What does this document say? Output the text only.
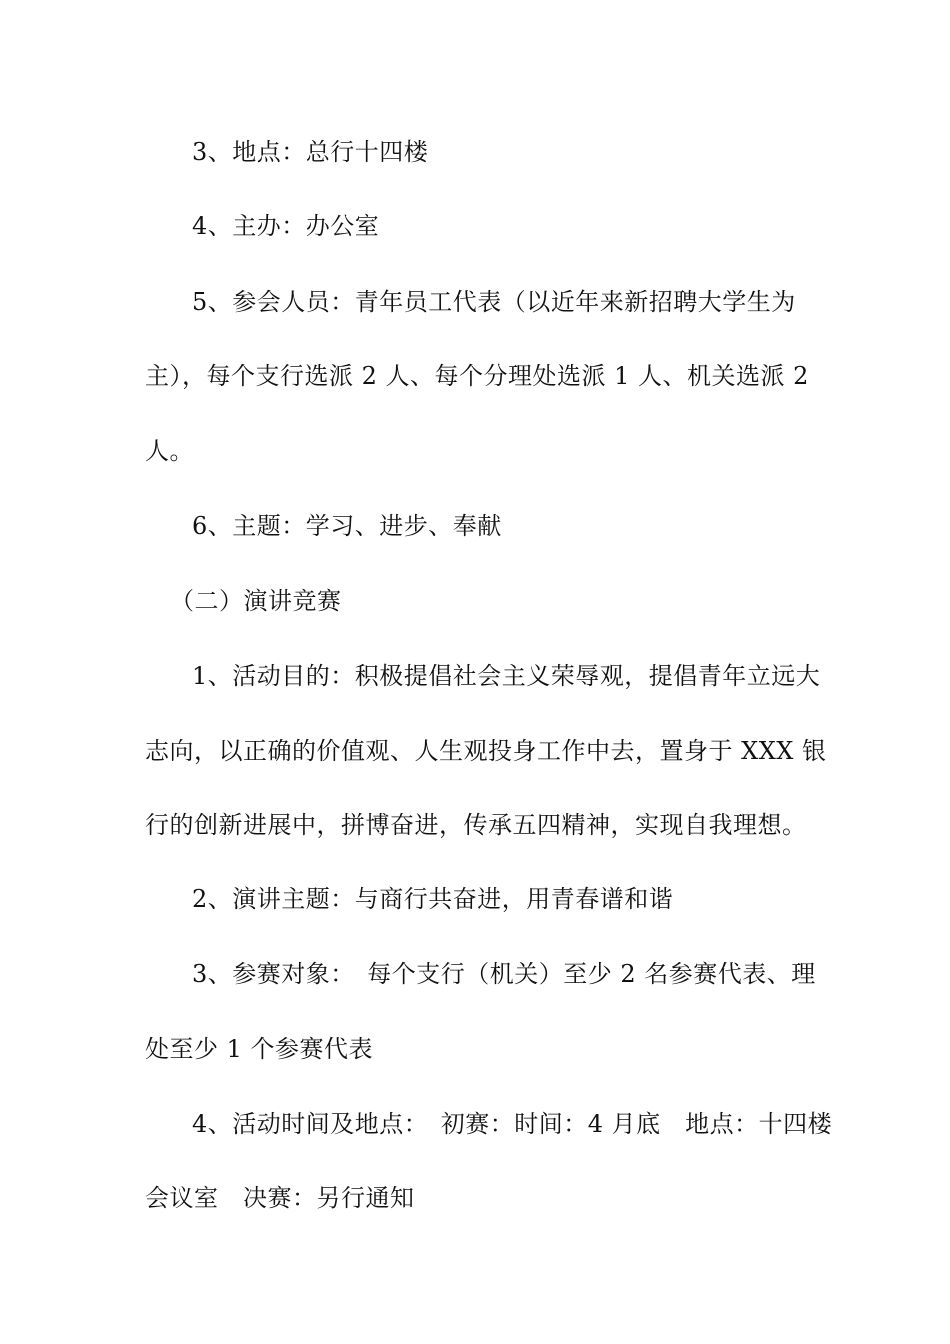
3、地点：总行十四楼
4、主办：办公室
5、参会人员：青年员工代表（以近年来新招聘大学生为
主），每个支行选派 2 人、每个分理处选派 1 人、机关选派 2
人。
6、主题：学习、进步、奉献
（二）演讲竞赛
1、活动目的：积极提倡社会主义荣辱观，提倡青年立远大
志向，以正确的价值观、人生观投身工作中去，置身于 XXX 银
行的创新进展中，拼博奋进，传承五四精神，实现自我理想。
2、演讲主题：与商行共奋进，用青春谱和谐
3、参赛对象：　每个支行（机关）至少 2 名参赛代表、理
处至少 1 个参赛代表
4、活动时间及地点：　初赛：时间：4 月底　地点：十四楼
会议室　决赛：另行通知
